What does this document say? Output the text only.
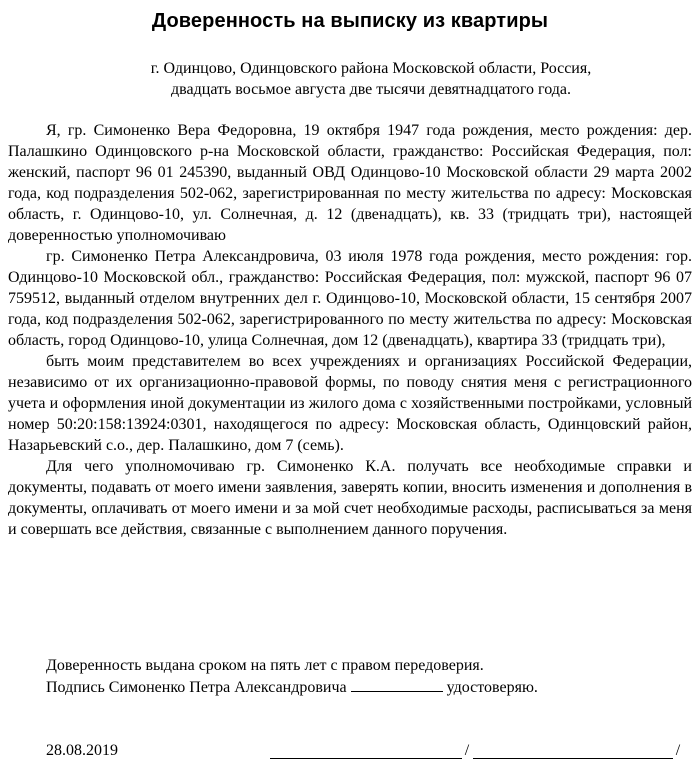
Доверенность на выписку из квартиры
г. Одинцово, Одинцовского района Московской области, Россия,
двадцать восьмое августа две тысячи девятнадцатого года.

Я, гр. Симоненко Вера Федоровна, 19 октября 1947 года рождения, место рождения: дер. Палашкино Одинцовского р-на Московской области, гражданство: Российская Федерация, пол: женский, паспорт 96 01 245390, выданный ОВД Одинцово-10 Московской области 29 марта 2002 года, код подразделения 502-062, зарегистрированная по месту жительства по адресу: Московская область, г. Одинцово-10, ул. Солнечная, д. 12 (двенадцать), кв. 33 (тридцать три), настоящей доверенностью уполномочиваю

гр. Симоненко Петра Александровича, 03 июля 1978 года рождения, место рождения: гор. Одинцово-10 Московской обл., гражданство: Российская Федерация, пол: мужской, паспорт 96 07 759512, выданный отделом внутренних дел г. Одинцово-10, Московской области, 15 сентября 2007 года, код подразделения 502-062, зарегистрированного по месту жительства по адресу: Московская область, город Одинцово-10, улица Солнечная, дом 12 (двенадцать), квартира 33 (тридцать три),

быть моим представителем во всех учреждениях и организациях Российской Федерации, независимо от их организационно-правовой формы, по поводу снятия меня с регистрационного учета и оформления иной документации из жилого дома с хозяйственными постройками, условный номер 50:20:158:13924:0301, находящегося по адресу: Московская область, Одинцовский район, Назарьевский с.о., дер. Палашкино, дом 7 (семь).

Для чего уполномочиваю гр. Симоненко К.А. получать все необходимые справки и документы, подавать от моего имени заявления, заверять копии, вносить изменения и дополнения в документы, оплачивать от моего имени и за мой счет необходимые расходы, расписываться за меня и совершать все действия, связанные с выполнением данного поручения.

Доверенность выдана сроком на пять лет с правом передоверия.
Подпись Симоненко Петра Александровича	удостоверяю.
28.08.2019	/	/
